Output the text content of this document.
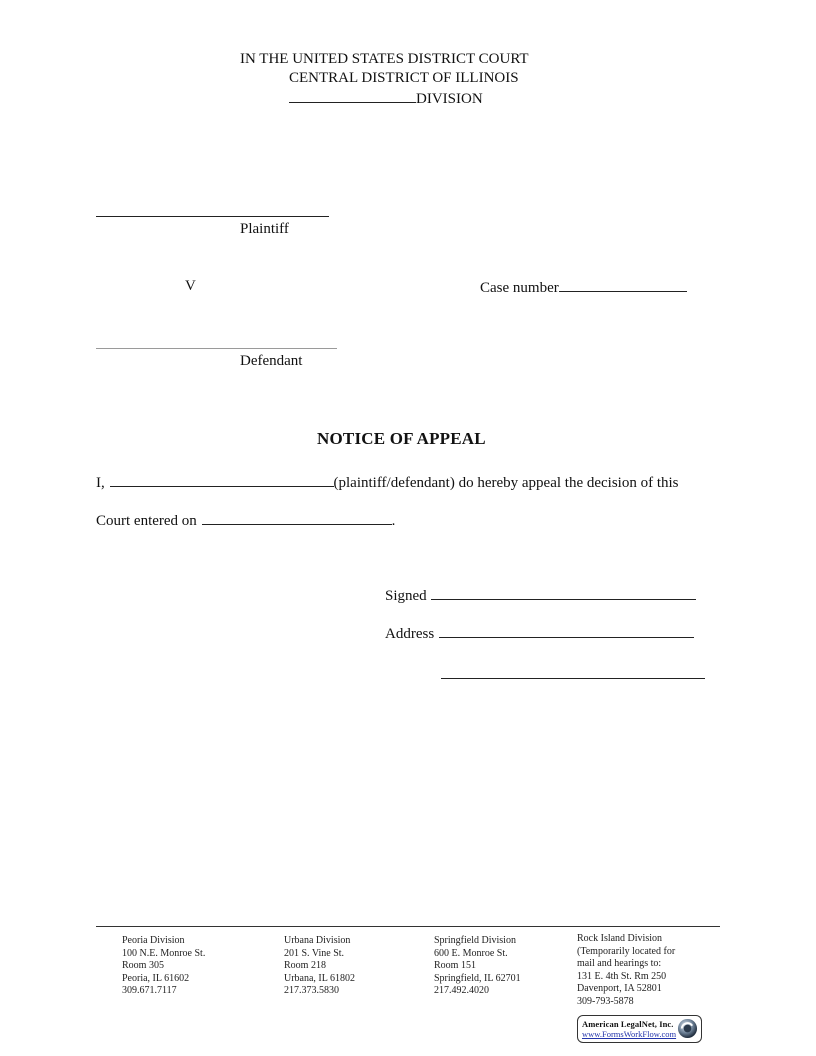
IN THE UNITED STATES DISTRICT COURT
CENTRAL DISTRICT OF ILLINOIS
DIVISION
Plaintiff
V	Case number
Defendant
NOTICE OF APPEAL
I,	(plaintiff/defendant) do hereby appeal the decision of this
Court entered on	.
Signed
Address
Peoria Division
100 N.E. Monroe St.
Room 305
Peoria, IL 61602
309.671.7117
Urbana Division
201 S. Vine St.
Room 218
Urbana, IL 61802
217.373.5830
Springfield Division
600 E. Monroe St.
Room 151
Springfield, IL 62701
217.492.4020
Rock Island Division
(Temporarily located for
mail and hearings to:
131 E. 4th St. Rm 250
Davenport, IA 52801
309-793-5878
American LegalNet, Inc.
www.FormsWorkFlow.com
